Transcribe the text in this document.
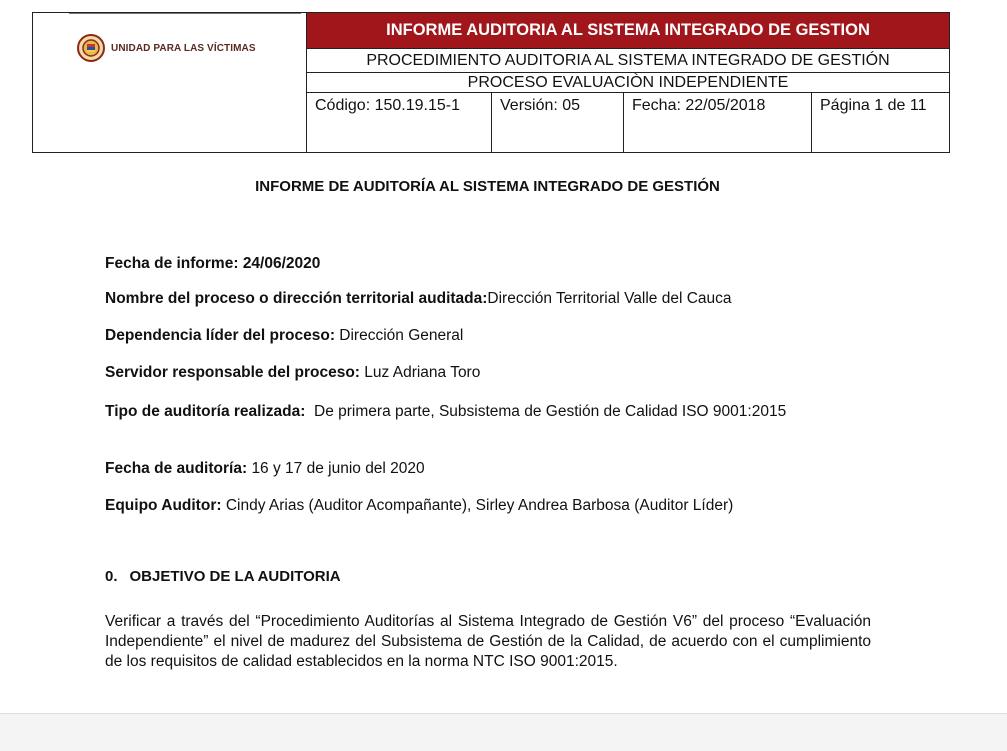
UNIDAD PARA LAS VÍCTIMAS
INFORME AUDITORIA AL SISTEMA INTEGRADO DE GESTION
PROCEDIMIENTO AUDITORIA AL SISTEMA INTEGRADO DE GESTIÓN
PROCESO EVALUACIÒN INDEPENDIENTE
Código: 150.19.15-1	Versión: 05	Fecha: 22/05/2018	Página 1 de 11
INFORME DE AUDITORÍA AL SISTEMA INTEGRADO DE GESTIÓN
Fecha de informe: 24/06/2020
Nombre del proceso o dirección territorial auditada:Dirección Territorial Valle del Cauca
Dependencia líder del proceso: Dirección General
Servidor responsable del proceso: Luz Adriana Toro
Tipo de auditoría realizada: De primera parte, Subsistema de Gestión de Calidad ISO 9001:2015
Fecha de auditoría: 16 y 17 de junio del 2020
Equipo Auditor: Cindy Arias (Auditor Acompañante), Sirley Andrea Barbosa (Auditor Líder)
0. OBJETIVO DE LA AUDITORIA
Verificar a través del “Procedimiento Auditorías al Sistema Integrado de Gestión V6” del proceso “Evaluación Independiente” el nivel de madurez del Subsistema de Gestión de la Calidad, de acuerdo con el cumplimiento de los requisitos de calidad establecidos en la norma NTC ISO 9001:2015.
